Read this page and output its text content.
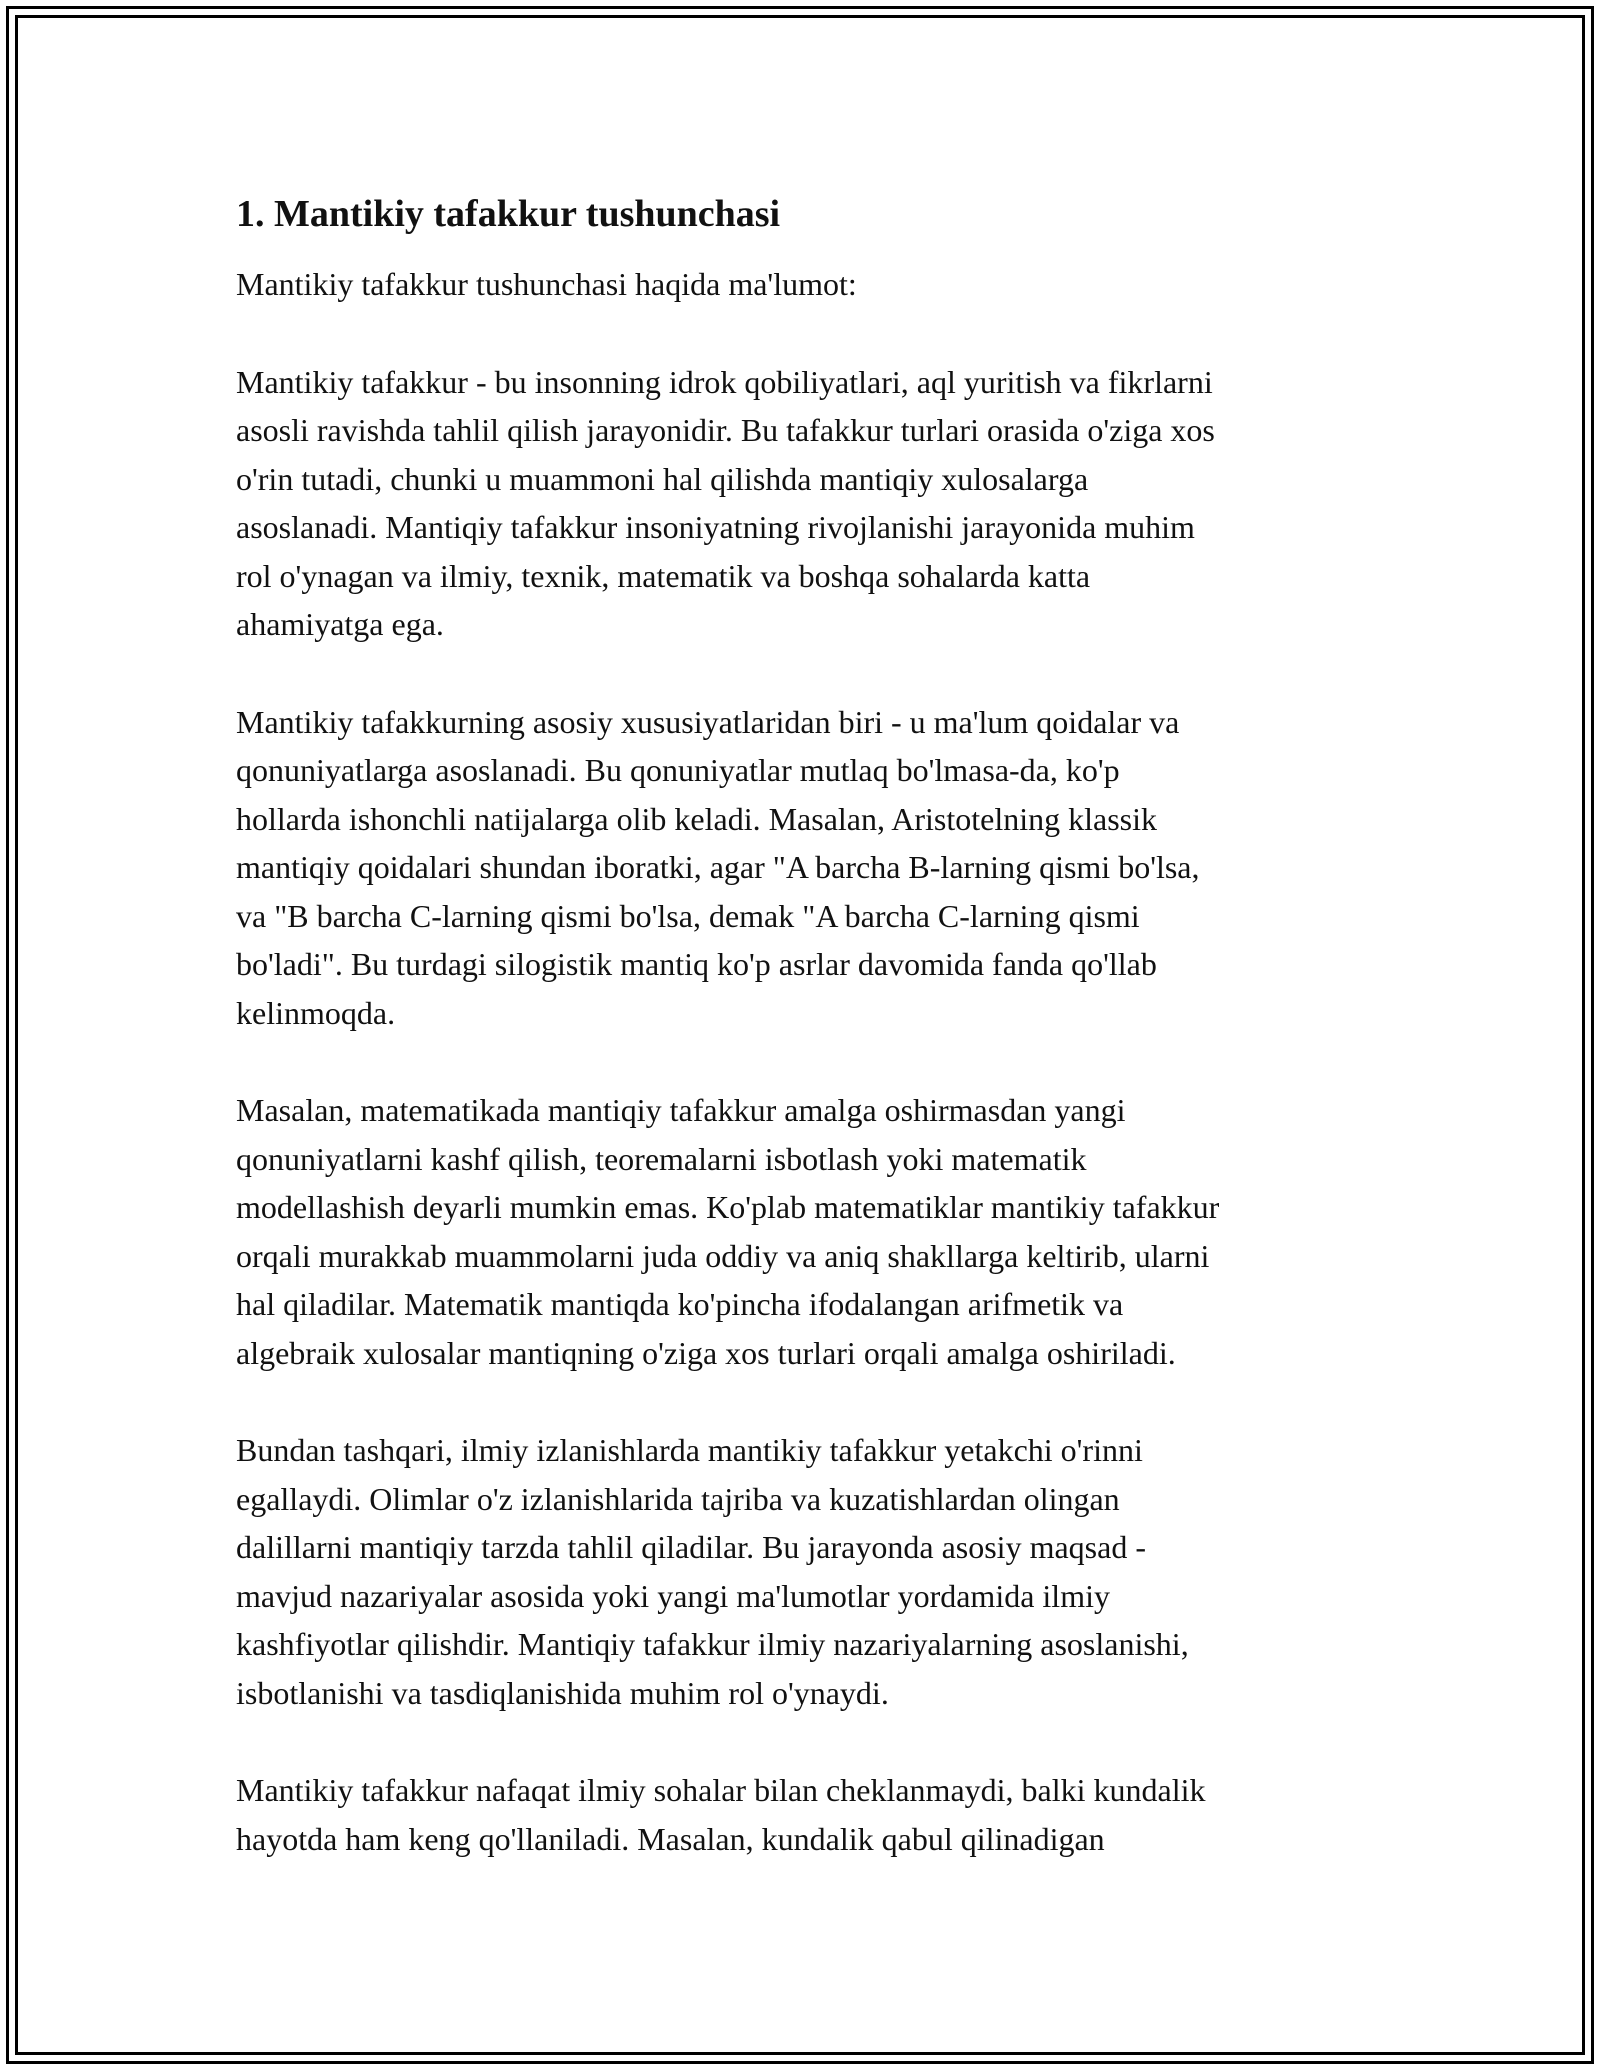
1. Mantikiy tafakkur tushunchasi

Mantikiy tafakkur tushunchasi haqida ma'lumot:

Mantikiy tafakkur - bu insonning idrok qobiliyatlari, aql yuritish va fikrlarni
asosli ravishda tahlil qilish jarayonidir. Bu tafakkur turlari orasida o'ziga xos
o'rin tutadi, chunki u muammoni hal qilishda mantiqiy xulosalarga
asoslanadi. Mantiqiy tafakkur insoniyatning rivojlanishi jarayonida muhim
rol o'ynagan va ilmiy, texnik, matematik va boshqa sohalarda katta
ahamiyatga ega.

Mantikiy tafakkurning asosiy xususiyatlaridan biri - u ma'lum qoidalar va
qonuniyatlarga asoslanadi. Bu qonuniyatlar mutlaq bo'lmasa-da, ko'p
hollarda ishonchli natijalarga olib keladi. Masalan, Aristotelning klassik
mantiqiy qoidalari shundan iboratki, agar "A barcha B-larning qismi bo'lsa,
va "B barcha C-larning qismi bo'lsa, demak "A barcha C-larning qismi
bo'ladi". Bu turdagi silogistik mantiq ko'p asrlar davomida fanda qo'llab
kelinmoqda.

Masalan, matematikada mantiqiy tafakkur amalga oshirmasdan yangi
qonuniyatlarni kashf qilish, teoremalarni isbotlash yoki matematik
modellashish deyarli mumkin emas. Ko'plab matematiklar mantikiy tafakkur
orqali murakkab muammolarni juda oddiy va aniq shakllarga keltirib, ularni
hal qiladilar. Matematik mantiqda ko'pincha ifodalangan arifmetik va
algebraik xulosalar mantiqning o'ziga xos turlari orqali amalga oshiriladi.

Bundan tashqari, ilmiy izlanishlarda mantikiy tafakkur yetakchi o'rinni
egallaydi. Olimlar o'z izlanishlarida tajriba va kuzatishlardan olingan
dalillarni mantiqiy tarzda tahlil qiladilar. Bu jarayonda asosiy maqsad -
mavjud nazariyalar asosida yoki yangi ma'lumotlar yordamida ilmiy
kashfiyotlar qilishdir. Mantiqiy tafakkur ilmiy nazariyalarning asoslanishi,
isbotlanishi va tasdiqlanishida muhim rol o'ynaydi.

Mantikiy tafakkur nafaqat ilmiy sohalar bilan cheklanmaydi, balki kundalik
hayotda ham keng qo'llaniladi. Masalan, kundalik qabul qilinadigan
